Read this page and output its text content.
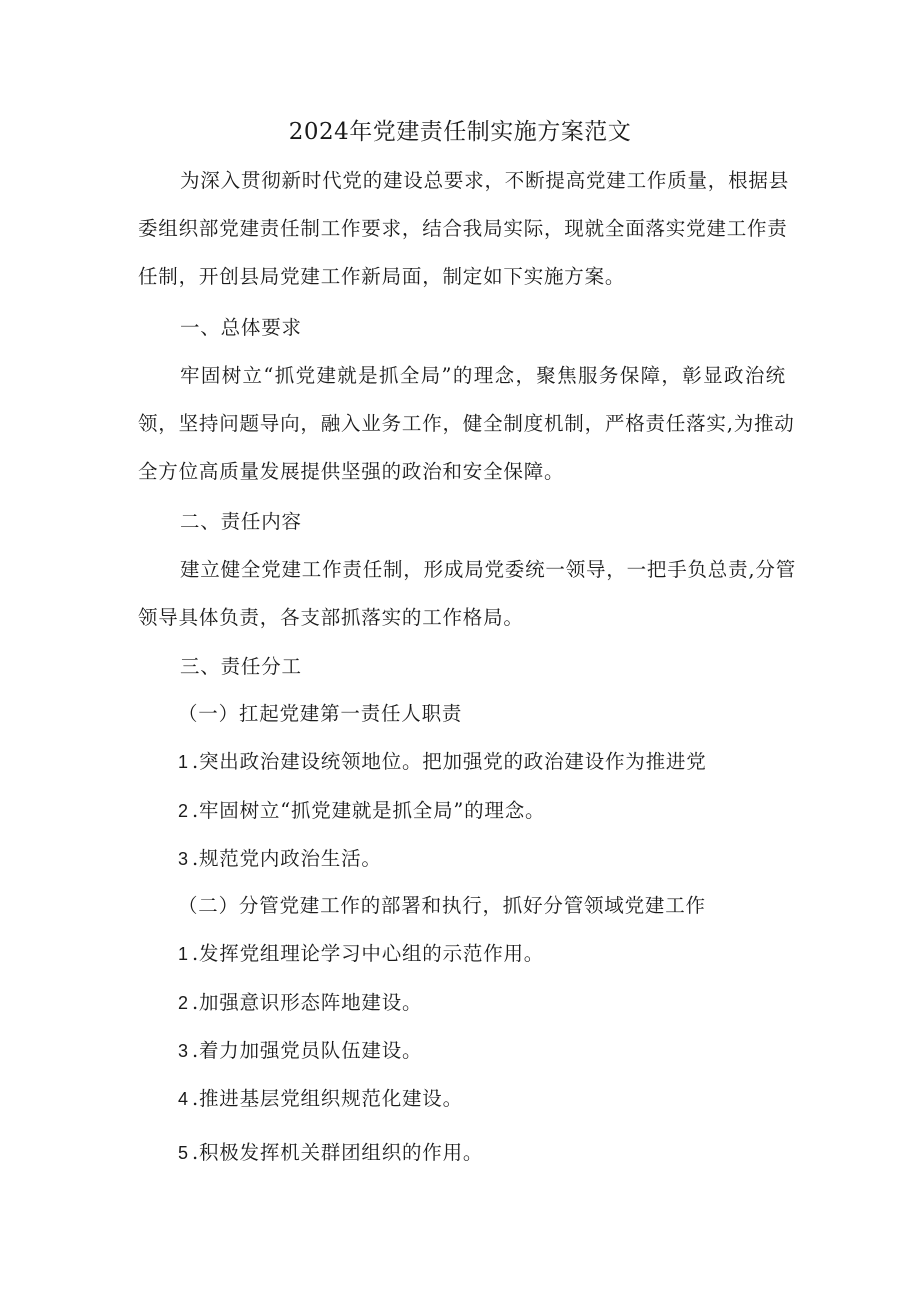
2024年党建责任制实施方案范文
为深入贯彻新时代党的建设总要求，不断提高党建工作质量，根据县
委组织部党建责任制工作要求，结合我局实际，现就全面落实党建工作责
任制，开创县局党建工作新局面，制定如下实施方案。
一、总体要求
牢固树立“抓党建就是抓全局”的理念，聚焦服务保障，彰显政治统
领，坚持问题导向，融入业务工作，健全制度机制，严格责任落实,为推动
全方位高质量发展提供坚强的政治和安全保障。
二、责任内容
建立健全党建工作责任制，形成局党委统一领导，一把手负总责,分管
领导具体负责，各支部抓落实的工作格局。
三、责任分工
（一）扛起党建第一责任人职责
1 .突出政治建设统领地位。把加强党的政治建设作为推进党
2 .牢固树立“抓党建就是抓全局”的理念。
3 .规范党内政治生活。
（二）分管党建工作的部署和执行，抓好分管领域党建工作
1 .发挥党组理论学习中心组的示范作用。
2 .加强意识形态阵地建设。
3 .着力加强党员队伍建设。
4 .推进基层党组织规范化建设。
5 .积极发挥机关群团组织的作用。
